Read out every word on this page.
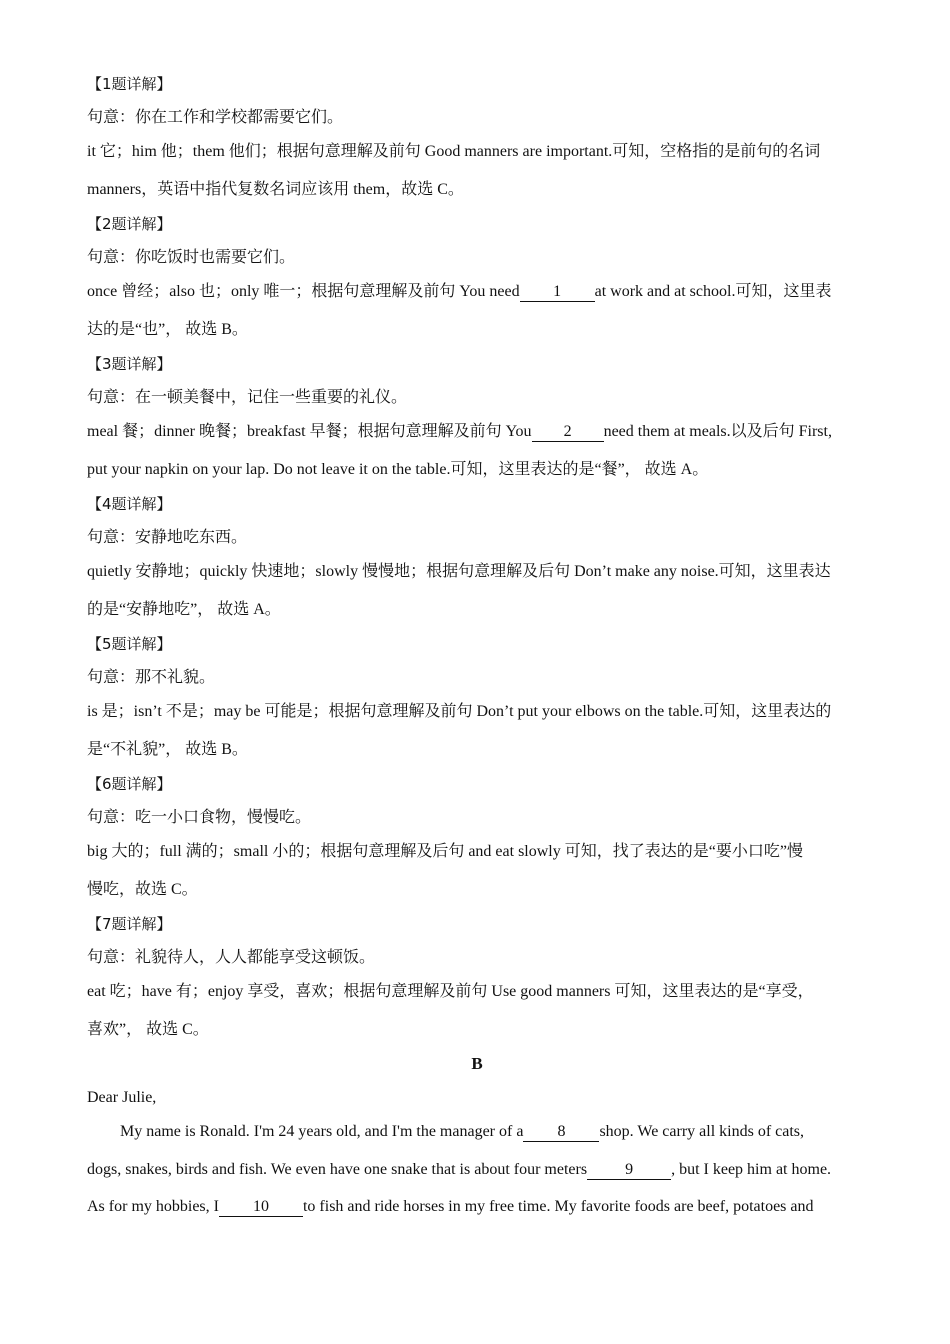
【1题详解】
句意：你在工作和学校都需要它们。
it 它；him 他；them 他们；根据句意理解及前句 Good manners are important.可知，空格指的是前句的名词
manners，英语中指代复数名词应该用 them，故选 C。
【2题详解】
句意：你吃饭时也需要它们。
once 曾经；also 也；only 唯一；根据句意理解及前句 You need 1 at work and at school.可知，这里表
达的是“也”， 故选 B。
【3题详解】
句意：在一顿美餐中，记住一些重要的礼仪。
meal 餐；dinner 晚餐；breakfast 早餐；根据句意理解及前句 You 2 need them at meals.以及后句 First,
put your napkin on your lap. Do not leave it on the table.可知，这里表达的是“餐”， 故选 A。
【4题详解】
句意：安静地吃东西。
quietly 安静地；quickly 快速地；slowly 慢慢地；根据句意理解及后句 Don’t make any noise.可知，这里表达
的是“安静地吃”， 故选 A。
【5题详解】
句意：那不礼貌。
is 是；isn’t 不是；may be 可能是；根据句意理解及前句 Don’t put your elbows on the table.可知，这里表达的
是“不礼貌”， 故选 B。
【6题详解】
句意：吃一小口食物，慢慢吃。
big 大的；full 满的；small 小的；根据句意理解及后句 and eat slowly 可知，找了表达的是“要小口吃”慢
慢吃，故选 C。
【7题详解】
句意：礼貌待人，人人都能享受这顿饭。
eat 吃；have 有；enjoy 享受，喜欢；根据句意理解及前句 Use good manners 可知，这里表达的是“享受，
喜欢”， 故选 C。
B
Dear Julie,
My name is Ronald. I'm 24 years old, and I'm the manager of a 8 shop. We carry all kinds of cats,
dogs, snakes, birds and fish. We even have one snake that is about four meters 9 , but I keep him at home.
As for my hobbies, I 10 to fish and ride horses in my free time. My favorite foods are beef, potatoes and
